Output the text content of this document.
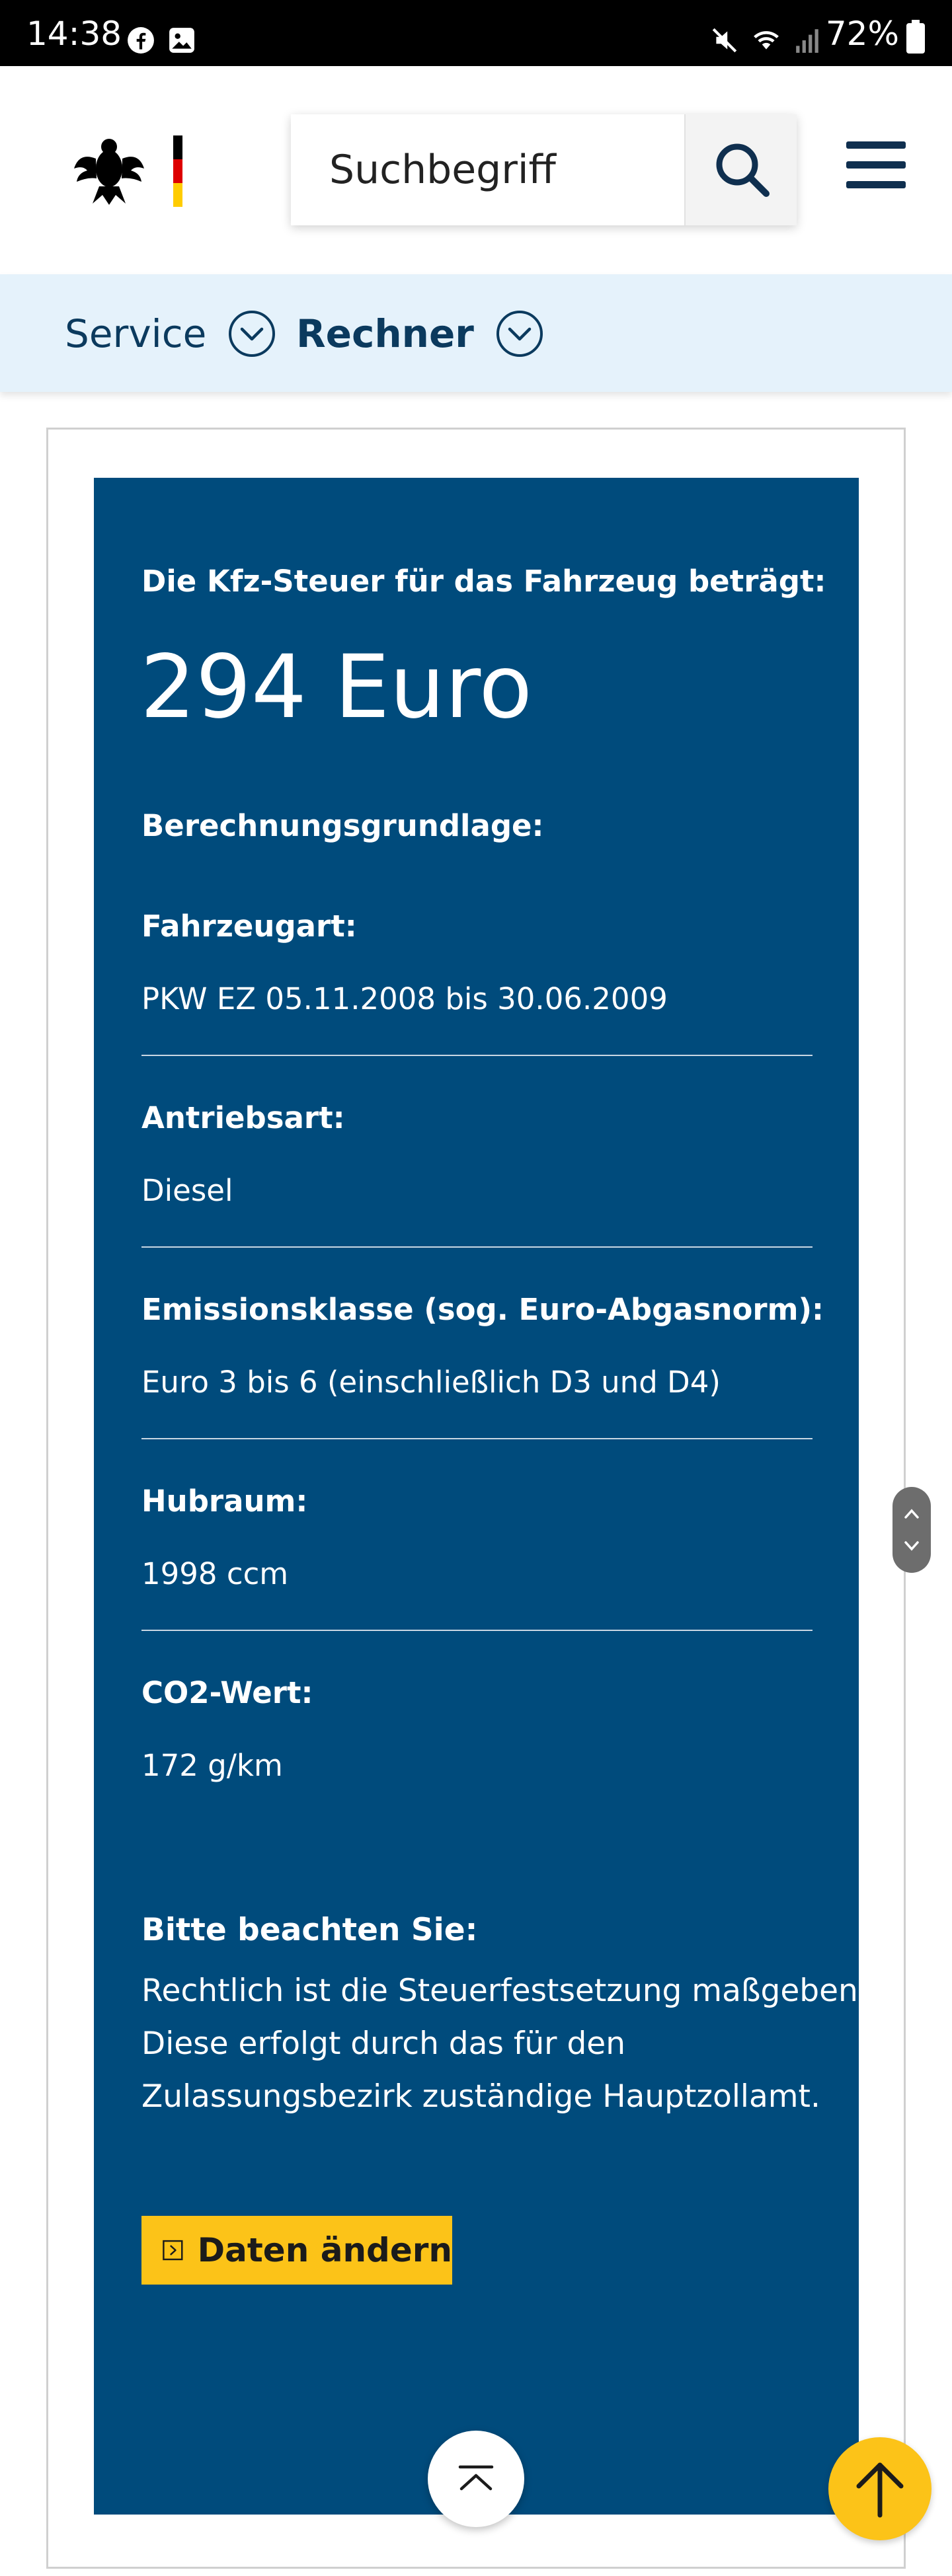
14:38	72%
Suchbegriff
Service Rechner
Die Kfz-Steuer für das Fahrzeug beträgt:
294 Euro
Berechnungsgrundlage:
Fahrzeugart:
PKW EZ 05.11.2008 bis 30.06.2009
Antriebsart:
Diesel
Emissionsklasse (sog. Euro-Abgasnorm):
Euro 3 bis 6 (einschließlich D3 und D4)
Hubraum:
1998 ccm
CO2-Wert:
172 g/km
Bitte beachten Sie:
Rechtlich ist die Steuerfestsetzung maßgebend.
Diese erfolgt durch das für den
Zulassungsbezirk zuständige Hauptzollamt.
Daten ändern
